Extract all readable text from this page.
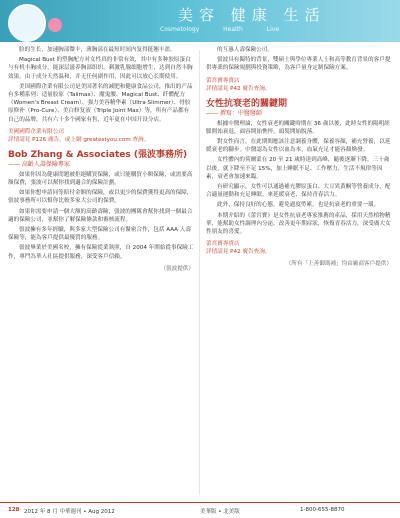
美容 健康 生活
Cosmetology Health Live

脸的生长，加速胸部微丰，薄胸部在最短时间内复得挺翘丰盈。

Magical Bust 的塑胸配方对女性真的非常有效，其中有多种胶原蛋白与有机丰胸成分，能深层滋养胸部组织，刺激乳腺细胞增生，达到自然丰胸效果。由于成分天然温和，并无任何副作用，因此可以放心长期使用。

美国國際企業有限公司是美国著名的减肥和健康食品公司，推出的产品有多種系列：适量胶原（Talimax）、魔鬼腰、Magical Bust、纤體配方（Women's Breast Cream）、强力美容精华素（Ultra Slimmer）、骨胶原修补（Pro-Cure）、美白修复液（Triple Joint Max）等，所有产品都有自己的品牌，共有六十多个國家有售，近年更在中国开设分店。

美國國際企業有限公司
詳情請見 P126 廣告，或上網 greatestyou.com 查詢。
Bob Zhang & Associates (張波事務所)

—— 高齡人壽保險專家

如果你因為健康問題被拒絕購買保險，或只能購買小額保險，或需要高額保費，張波可以幫你找到適合的保險計劃。

如果你想申請同等賠付金額的保險，或以更少的保費獲得更高的保障，張波事務所可以幫你比較多家大公司的保費。

如果你需要申請一個大額的高齡壽險，張波的團隊會幫你找到一個最合適的保險公司，並幫你了解保險條款和審核流程。

張波擁有多年經驗，與多家大型保險公司有緊密合作，包括 AAA 人壽保險等，能為客戶提供最優質的服務。

張波畢業於美國名校，擁有保險從業執照，自 2004 年開始從事保險工作，專門為華人社區提供服務，深受客戶信賴。

（張波提供）

的互惠人壽保險公司。

張波具有獨特的背景，雙碩士與學位專業人士和高等教育背景的客戶提供專業的保險規劃與投資策略，為客戶量身定制保險方案。

蕾宮寶專賣店
詳情請見 P42 廣告查詢。
女性抗衰老的關鍵期

—— 撰寫：中醫醫師

根據中醫理論，女性衰老的關鍵時期在 36 歲以後，此時女性的陽明經脈開始衰退，面容開始憔悴，頭髮開始脫落。

對女性而言，在此期間應該注意調養身體，保養容顏，補充營養，以延緩衰老的腳步。中醫認為女性以血為本，血氣充足才能容顏煥發。

女性體內的荷爾蒙在 20 至 21 歲時達到高峰，隨後逐漸下降。三十歲以後，就下降至不足 15%，加上睡眠不足、工作壓力、生活不規律等因素，衰老會加速來臨。

有研究顯示，女性可以通過補充膠原蛋白、大豆異黃酮等營養成分，配合適量運動和充足睡眠，來延緩衰老、保持青春活力。

此外，保持良好的心態，避免過度勞累，也是抗衰老的重要一環。

本期介紹的《蕾宮寶》是女性抗衰老專家推薦的產品，採用天然植物精華，能幫助女性調理內分泌，改善更年期症狀，恢復青春活力，深受廣大女性朋友的喜愛。

蕾宮寶專賣店
詳情請見 P42 廣告查詢。
（所有「上善御瑪補」均由廠商客戶提供）
128 2012 年 8 月 中華週刊 • Aug 2012	美華版 • 北美版	1-800-655-8870
